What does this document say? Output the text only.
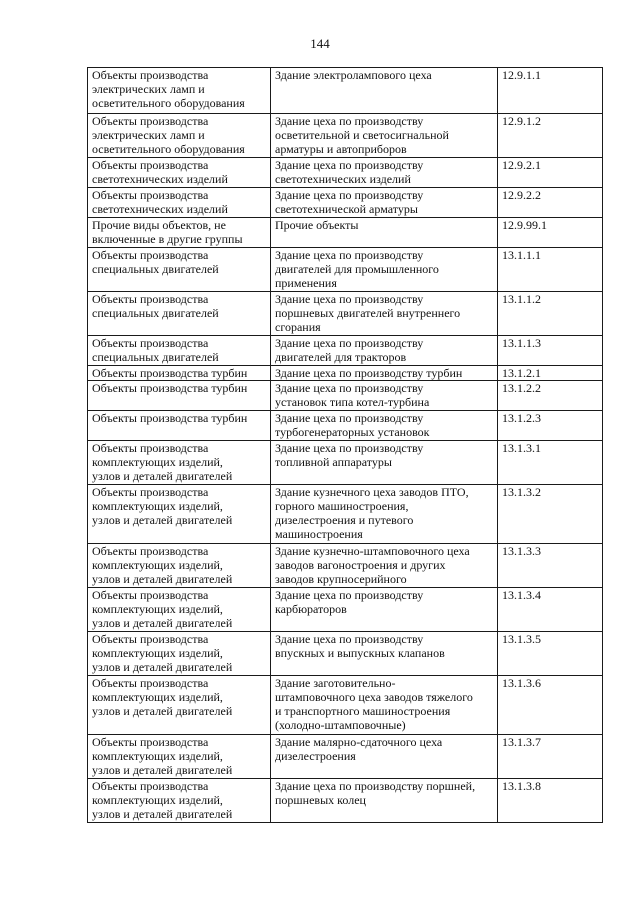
144
Объекты производства
электрических ламп и
осветительного оборудования	Здание электролампового цеха	12.9.1.1
Объекты производства
электрических ламп и
осветительного оборудования	Здание цеха по производству
осветительной и светосигнальной
арматуры и автоприборов	12.9.1.2
Объекты производства
светотехнических изделий	Здание цеха по производству
светотехнических изделий	12.9.2.1
Объекты производства
светотехнических изделий	Здание цеха по производству
светотехнической арматуры	12.9.2.2
Прочие виды объектов, не
включенные в другие группы	Прочие объекты	12.9.99.1
Объекты производства
специальных двигателей	Здание цеха по производству
двигателей для промышленного
применения	13.1.1.1
Объекты производства
специальных двигателей	Здание цеха по производству
поршневых двигателей внутреннего
сгорания	13.1.1.2
Объекты производства
специальных двигателей	Здание цеха по производству
двигателей для тракторов	13.1.1.3
Объекты производства турбин	Здание цеха по производству турбин	13.1.2.1
Объекты производства турбин	Здание цеха по производству
установок типа котел-турбина	13.1.2.2
Объекты производства турбин	Здание цеха по производству
турбогенераторных установок	13.1.2.3
Объекты производства
комплектующих изделий,
узлов и деталей двигателей	Здание цеха по производству
топливной аппаратуры	13.1.3.1
Объекты производства
комплектующих изделий,
узлов и деталей двигателей	Здание кузнечного цеха заводов ПТО,
горного машиностроения,
дизелестроения и путевого
машиностроения	13.1.3.2
Объекты производства
комплектующих изделий,
узлов и деталей двигателей	Здание кузнечно-штамповочного цеха
заводов вагоностроения и других
заводов крупносерийного	13.1.3.3
Объекты производства
комплектующих изделий,
узлов и деталей двигателей	Здание цеха по производству
карбюраторов	13.1.3.4
Объекты производства
комплектующих изделий,
узлов и деталей двигателей	Здание цеха по производству
впускных и выпускных клапанов	13.1.3.5
Объекты производства
комплектующих изделий,
узлов и деталей двигателей	Здание заготовительно-
штамповочного цеха заводов тяжелого
и транспортного машиностроения
(холодно-штамповочные)	13.1.3.6
Объекты производства
комплектующих изделий,
узлов и деталей двигателей	Здание малярно-сдаточного цеха
дизелестроения	13.1.3.7
Объекты производства
комплектующих изделий,
узлов и деталей двигателей	Здание цеха по производству поршней,
поршневых колец	13.1.3.8
